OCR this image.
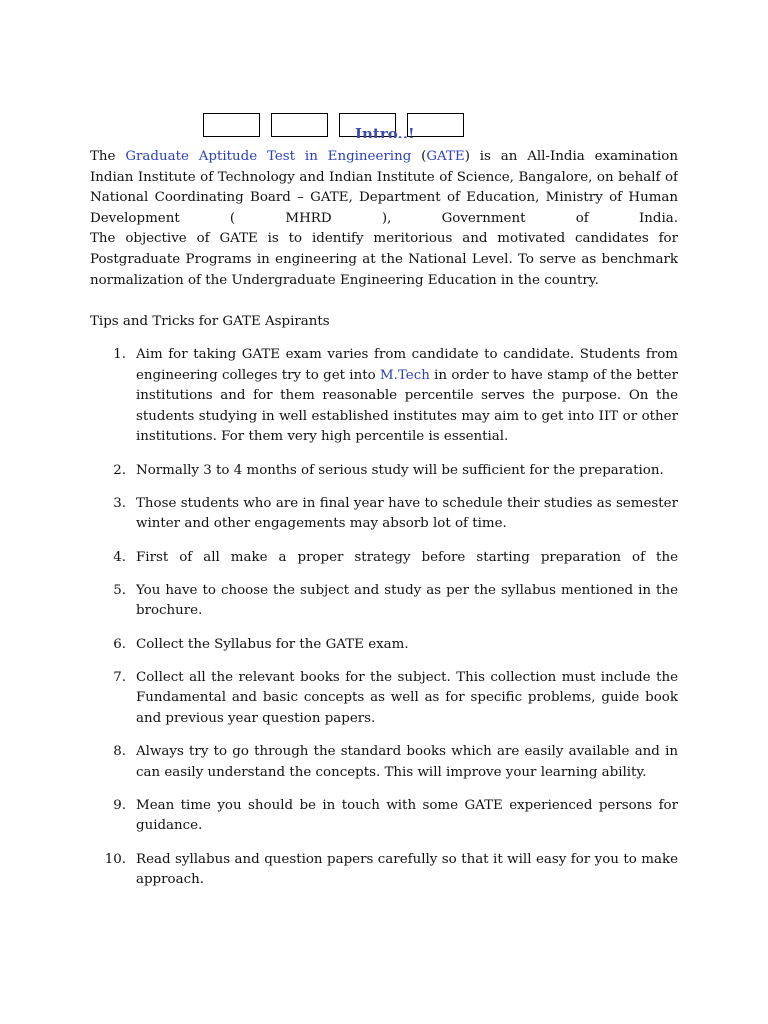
Intro..!
The Graduate Aptitude Test in Engineering (GATE) is an All-India examination
Indian Institute of Technology and Indian Institute of Science, Bangalore, on behalf of
National Coordinating Board – GATE, Department of Education, Ministry of Human
Development ( MHRD ), Government of India.
The objective of GATE is to identify meritorious and motivated candidates for
Postgraduate Programs in engineering at the National Level. To serve as benchmark
normalization of the Undergraduate Engineering Education in the country.
Tips and Tricks for GATE Aspirants
1. Aim for taking GATE exam varies from candidate to candidate. Students from
engineering colleges try to get into M.Tech in order to have stamp of the better
institutions and for them reasonable percentile serves the purpose. On the
students studying in well established institutes may aim to get into IIT or other
institutions. For them very high percentile is essential.
2. Normally 3 to 4 months of serious study will be sufficient for the preparation.
3. Those students who are in final year have to schedule their studies as semester
winter and other engagements may absorb lot of time.
4. First of all make a proper strategy before starting preparation of the
5. You have to choose the subject and study as per the syllabus mentioned in the
brochure.
6. Collect the Syllabus for the GATE exam.
7. Collect all the relevant books for the subject. This collection must include the
Fundamental and basic concepts as well as for specific problems, guide book
and previous year question papers.
8. Always try to go through the standard books which are easily available and in
can easily understand the concepts. This will improve your learning ability.
9. Mean time you should be in touch with some GATE experienced persons for
guidance.
10. Read syllabus and question papers carefully so that it will easy for you to make
approach.
